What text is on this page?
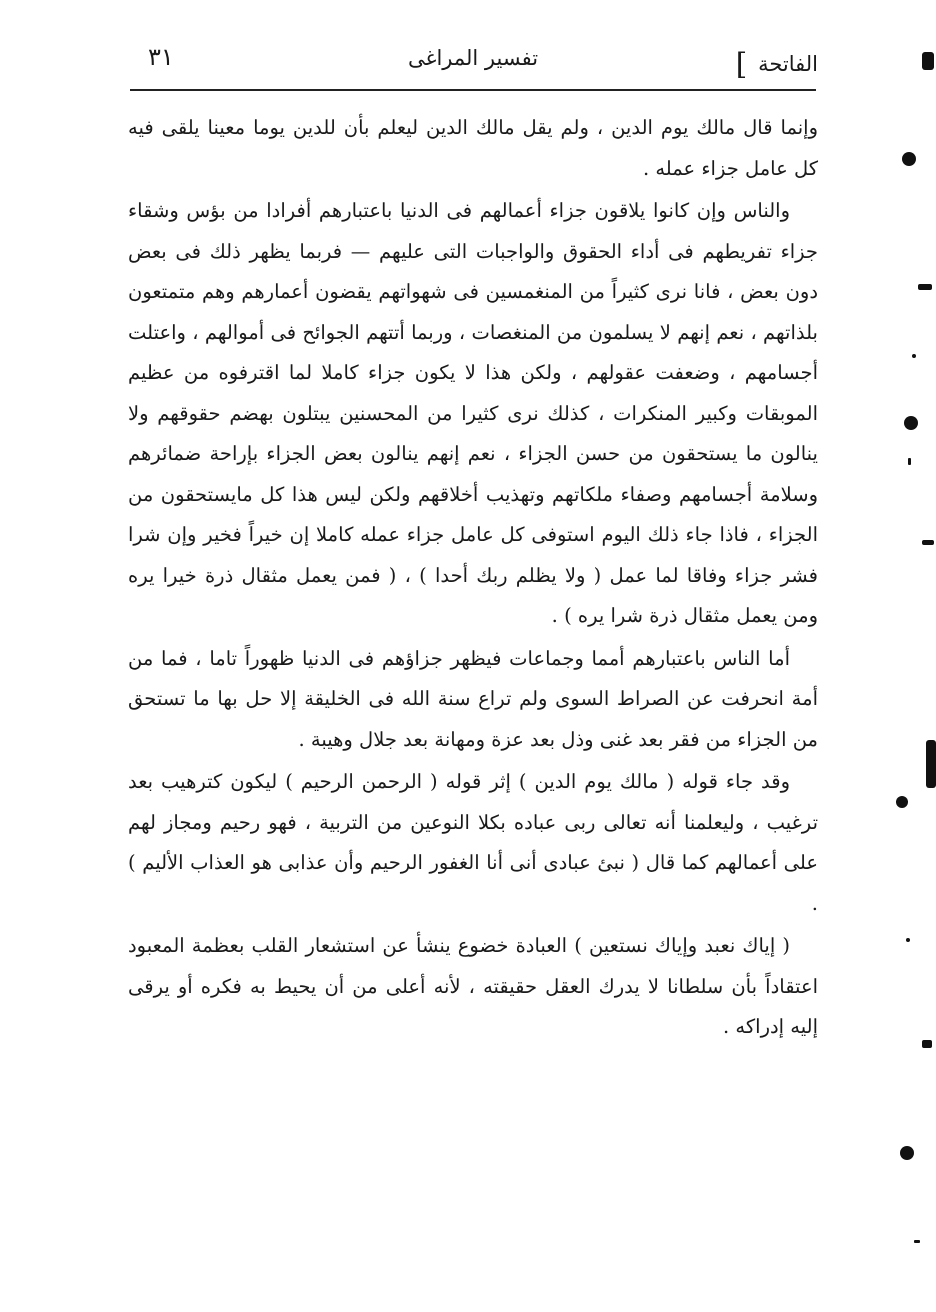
الفاتحة ]
تفسير المراغى
٣١

وإنما قال مالك يوم الدين ، ولم يقل مالك الدين ليعلم بأن للدين يوما معينا يلقى فيه كل عامل جزاء عمله .

والناس وإن كانوا يلاقون جزاء أعمالهم فى الدنيا باعتبارهم أفرادا من بؤس وشقاء جزاء تفريطهم فى أداء الحقوق والواجبات التى عليهم — فربما يظهر ذلك فى بعض دون بعض ، فانا نرى كثيراً من المنغمسين فى شهواتهم يقضون أعمارهم وهم متمتعون بلذاتهم ، نعم إنهم لا يسلمون من المنغصات ، وربما أتتهم الجوائح فى أموالهم ، واعتلت أجسامهم ، وضعفت عقولهم ، ولكن هذا لا يكون جزاء كاملا لما اقترفوه من عظيم الموبقات وكبير المنكرات ، كذلك نرى كثيرا من المحسنين يبتلون بهضم حقوقهم ولا ينالون ما يستحقون من حسن الجزاء ، نعم إنهم ينالون بعض الجزاء بإراحة ضمائرهم وسلامة أجسامهم وصفاء ملكاتهم وتهذيب أخلاقهم ولكن ليس هذا كل مايستحقون من الجزاء ، فاذا جاء ذلك اليوم استوفى كل عامل جزاء عمله كاملا إن خيراً فخير وإن شرا فشر جزاء وفاقا لما عمل ( ولا يظلم ربك أحدا ) ، ( فمن يعمل مثقال ذرة خيرا يره ومن يعمل مثقال ذرة شرا يره ) .

أما الناس باعتبارهم أمما وجماعات فيظهر جزاؤهم فى الدنيا ظهوراً تاما ، فما من أمة انحرفت عن الصراط السوى ولم تراع سنة الله فى الخليقة إلا حل بها ما تستحق من الجزاء من فقر بعد غنى وذل بعد عزة ومهانة بعد جلال وهيبة .

وقد جاء قوله ( مالك يوم الدين ) إثر قوله ( الرحمن الرحيم ) ليكون كترهيب بعد ترغيب ، وليعلمنا أنه تعالى ربى عباده بكلا النوعين من التربية ، فهو رحيم ومجاز لهم على أعمالهم كما قال ( نبئ عبادى أنى أنا الغفور الرحيم وأن عذابى هو العذاب الأليم ) .

( إياك نعبد وإياك نستعين ) العبادة خضوع ينشأ عن استشعار القلب بعظمة المعبود اعتقاداً بأن سلطانا لا يدرك العقل حقيقته ، لأنه أعلى من أن يحيط به فكره أو يرقى إليه إدراكه .
